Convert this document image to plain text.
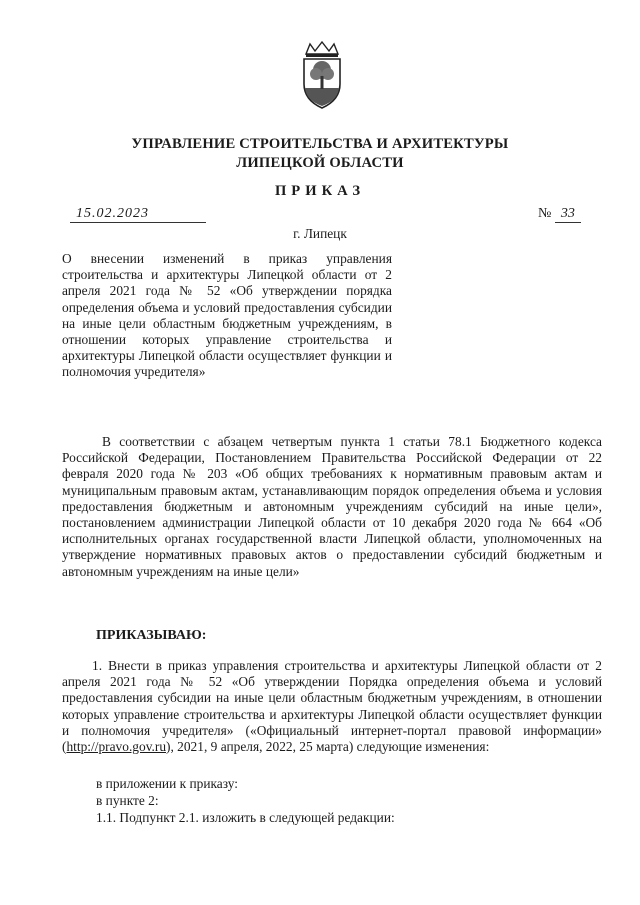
УПРАВЛЕНИЕ СТРОИТЕЛЬСТВА И АРХИТЕКТУРЫ
ЛИПЕЦКОЙ ОБЛАСТИ
ПРИКАЗ
15.02.2023	№ 33
г. Липецк
О внесении изменений в приказ управления строительства и архитектуры Липецкой области от 2 апреля 2021 года № 52 «Об утверждении порядка определения объема и условий предоставления субсидии на иные цели областным бюджетным учреждениям, в отношении которых управление строительства и архитектуры Липецкой области осуществляет функции и полномочия учредителя»
В соответствии с абзацем четвертым пункта 1 статьи 78.1 Бюджетного кодекса Российской Федерации, Постановлением Правительства Российской Федерации от 22 февраля 2020 года № 203 «Об общих требованиях к нормативным правовым актам и муниципальным правовым актам, устанавливающим порядок определения объема и условия предоставления бюджетным и автономным учреждениям субсидий на иные цели», постановлением администрации Липецкой области от 10 декабря 2020 года № 664 «Об исполнительных органах государственной власти Липецкой области, уполномоченных на утверждение нормативных правовых актов о предоставлении субсидий бюджетным и автономным учреждениям на иные цели»
ПРИКАЗЫВАЮ:
1. Внести в приказ управления строительства и архитектуры Липецкой области от 2 апреля 2021 года № 52 «Об утверждении Порядка определения объема и условий предоставления субсидии на иные цели областным бюджетным учреждениям, в отношении которых управление строительства и архитектуры Липецкой области осуществляет функции и полномочия учредителя» («Официальный интернет-портал правовой информации» (http://pravo.gov.ru), 2021, 9 апреля, 2022, 25 марта) следующие изменения:
в приложении к приказу:
в пункте 2:
1.1. Подпункт 2.1. изложить в следующей редакции:
